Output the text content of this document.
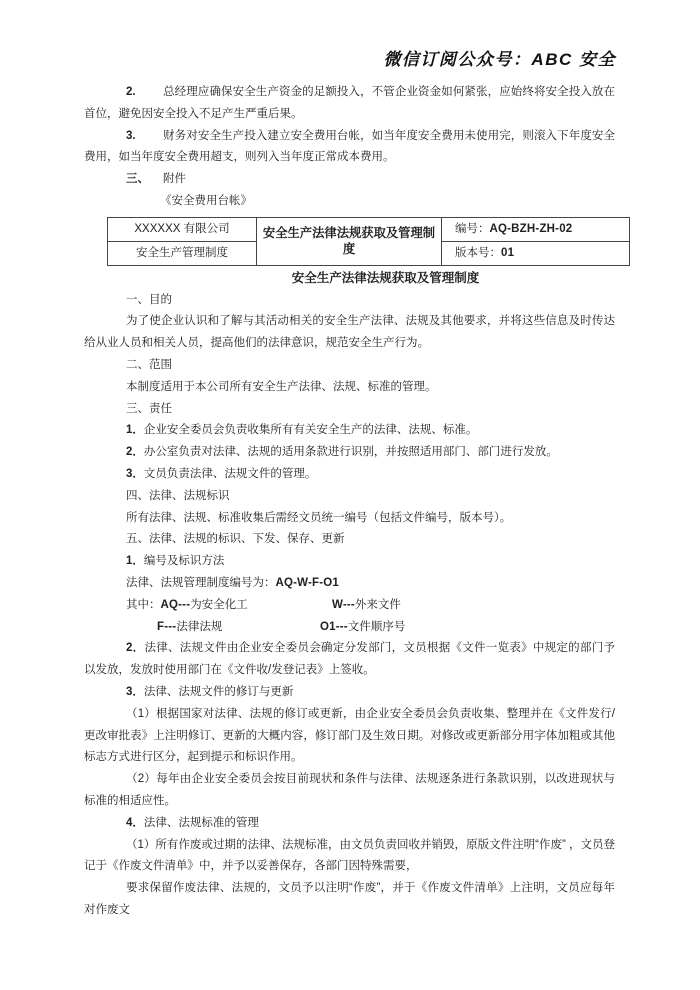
微信订阅公众号：ABC 安全
2. 总经理应确保安全生产资金的足额投入，不管企业资金如何紧张，应始终将安全投入放在首位，避免因安全投入不足产生严重后果。
3. 财务对安全生产投入建立安全费用台帐，如当年度安全费用未使用完，则滚入下年度安全费用，如当年度安全费用超支，则列入当年度正常成本费用。
三、 附件
《安全费用台帐》
XXXXXX 有限公司	安全生产法律法规获取及管理制度	编号：AQ-BZH-ZH-02
安全生产管理制度		版本号：01
安全生产法律法规获取及管理制度
一、目的
为了使企业认识和了解与其活动相关的安全生产法律、法规及其他要求，并将这些信息及时传达给从业人员和相关人员，提高他们的法律意识，规范安全生产行为。
二、范围
本制度适用于本公司所有安全生产法律、法规、标准的管理。
三、责任
1．企业安全委员会负责收集所有有关安全生产的法律、法规、标准。
2．办公室负责对法律、法规的适用条款进行识别，并按照适用部门、部门进行发放。
3．文员负责法律、法规文件的管理。
四、法律、法规标识
所有法律、法规、标准收集后需经文员统一编号（包括文件编号，版本号）。
五、法律、法规的标识、下发、保存、更新
1．编号及标识方法
法律、法规管理制度编号为：AQ-W-F-O1
其中：AQ---为安全化工	W---外来文件
F---法律法规	O1---文件顺序号
2．法律、法规文件由企业安全委员会确定分发部门，文员根据《文件一览表》中规定的部门予以发放，发放时使用部门在《文件收/发登记表》上签收。
3．法律、法规文件的修订与更新
（1）根据国家对法律、法规的修订或更新，由企业安全委员会负责收集、整理并在《文件发行/更改审批表》上注明修订、更新的大概内容，修订部门及生效日期。对修改或更新部分用字体加粗或其他标志方式进行区分，起到提示和标识作用。
（2）每年由企业安全委员会按目前现状和条件与法律、法规逐条进行条款识别，以改进现状与标准的相适应性。
4．法律、法规标准的管理
（1）所有作废或过期的法律、法规标准，由文员负责回收并销毁，原版文件注明“作废” ，文员登记于《作废文件清单》中，并予以妥善保存，各部门因特殊需要，
要求保留作废法律、法规的，文员予以注明“作废”，并于《作废文件清单》上注明，文员应每年对作废文
